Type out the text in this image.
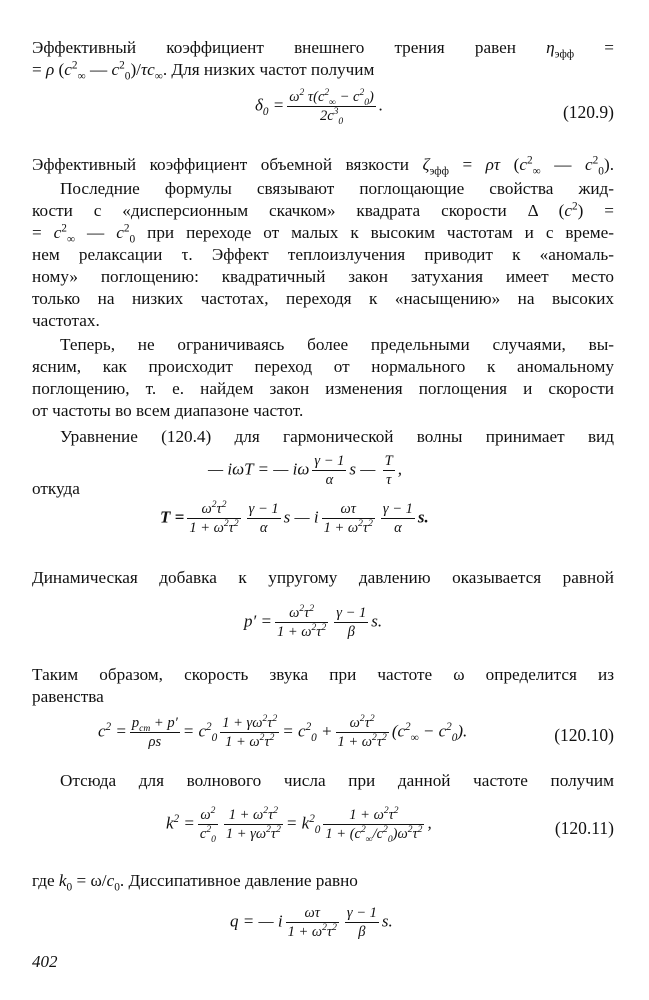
Эффективный коэффициент внешнего трения равен $\eta_{эфф}$ =
= ρ ($c^2_\infty$ — $c^2_0)/\tau c_\infty$. Для низких частот получим
$\delta_0 = \frac{\omega^2 \tau(c^2_\infty - c^2_0)}{2c^3_0}$ .	(120.9)
Эффективный коэффициент объемной вязкости $\zeta_{эфф} = \rho\tau$ ($c^2_\infty$ — $c^2_0$).
Последние формулы связывают поглощающие свойства жид-
кости с «дисперсионным скачком» квадрата скорости Δ $(c^2)$ =
= $c^2_\infty$ — $c^2_0$ при переходе от малых к высоким частотам и с време-
нем релаксации τ. Эффект теплоизлучения приводит к «аномаль-
ному» поглощению: квадратичный закон затухания имеет место
только на низких частотах, переходя к «насыщению» на высоких
частотах.
Теперь, не ограничиваясь более предельными случаями, вы-
ясним, как происходит переход от нормального к аномальному
поглощению, т. е. найдем закон изменения поглощения и скорости
от частоты во всем диапазоне частот.
Уравнение (120.4) для гармонической волны принимает вид
— iωT = — iω $\frac{\gamma - 1}{\alpha}$ s — $\frac{T}{\tau}$ ,
откуда
$T = \frac{\omega^2\tau^2}{1 + \omega^2\tau^2} \frac{\gamma - 1}{\alpha}$ s — i $\frac{\omega\tau}{1 + \omega^2\tau^2} \frac{\gamma - 1}{\alpha} s$.
Динамическая добавка к упругому давлению оказывается равной
$p' = \frac{\omega^2\tau^2}{1 + \omega^2\tau^2} \frac{\gamma - 1}{\beta} s$.
Таким образом, скорость звука при частоте ω определится из
равенства
$c^2 = \frac{p_{ст} + p'}{\rho s} = c^2_0 \frac{1 + \gamma\omega^2\tau^2}{1 + \omega^2\tau^2} = c^2_0 + \frac{\omega^2\tau^2}{1 + \omega^2\tau^2} (c^2_\infty - c^2_0)$.	(120.10)
Отсюда для волнового числа при данной частоте получим
$k^2 = \frac{\omega^2}{c^2_0} \frac{1 + \omega^2\tau^2}{1 + \gamma\omega^2\tau^2} = k^2_0 \frac{1 + \omega^2\tau^2}{1 + (c^2_\infty/c^2_0)\omega^2\tau^2}$ ,	(120.11)
где $k_0 = \omega/c_0$. Диссипативное давление равно
q = — i $\frac{\omega\tau}{1 + \omega^2\tau^2} \frac{\gamma - 1}{\beta} s$.
402
